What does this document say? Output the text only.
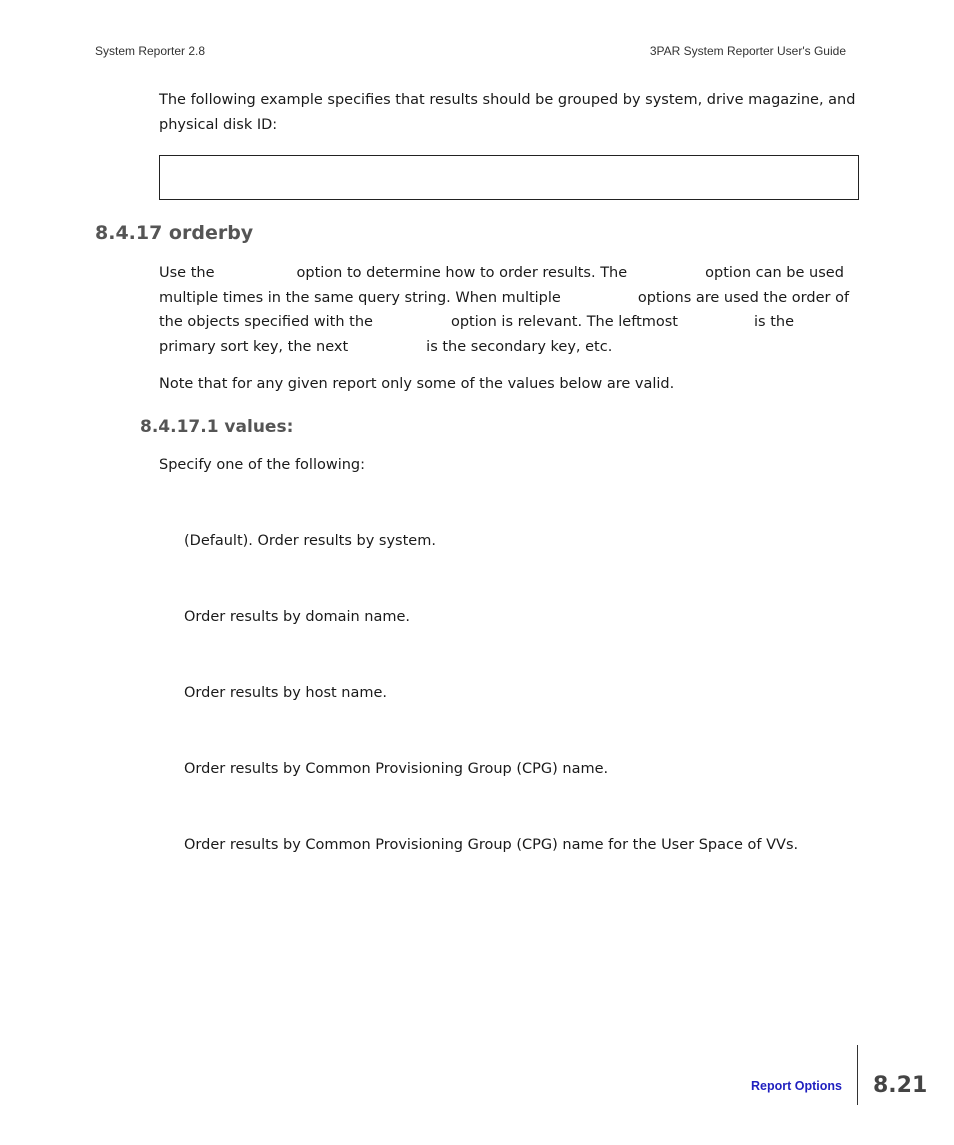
System Reporter 2.8	3PAR System Reporter User's Guide
The following example specifies that results should be grouped by system, drive magazine, and physical disk ID:
8.4.17 orderby
Use the	option to determine how to order results. The	option can be used
multiple times in the same query string. When multiple	options are used the order of
the objects specified with the	option is relevant. The leftmost	is the
primary sort key, the next	is the secondary key, etc.
Note that for any given report only some of the values below are valid.
8.4.17.1 values:
Specify one of the following:
(Default). Order results by system.
Order results by domain name.
Order results by host name.
Order results by Common Provisioning Group (CPG) name.
Order results by Common Provisioning Group (CPG) name for the User Space of VVs.
Report Options 8.21
